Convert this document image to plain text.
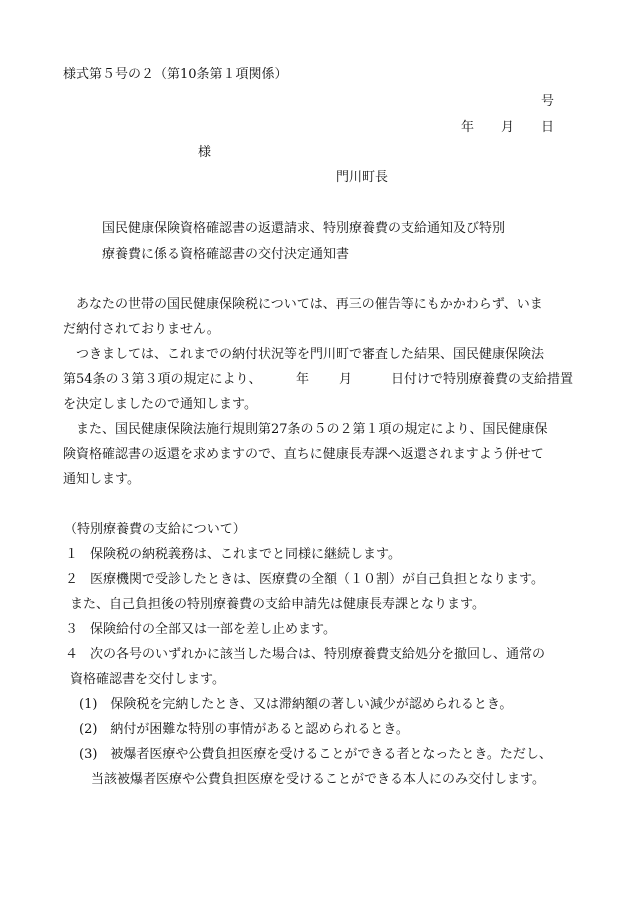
様式第５号の２（第10条第１項関係）
号
年 月 日
様
門川町長
国民健康保険資格確認書の返還請求、特別療養費の支給通知及び特別
療養費に係る資格確認書の交付決定通知書
あなたの世帯の国民健康保険税については、再三の催告等にもかかわらず、いま
だ納付されておりません。
つきましては、これまでの納付状況等を門川町で審査した結果、国民健康保険法
第54条の３第３項の規定により、	年 月	日付けで特別療養費の支給措置
を決定しましたので通知します。
また、国民健康保険法施行規則第27条の５の２第１項の規定により、国民健康保
険資格確認書の返還を求めますので、直ちに健康長寿課へ返還されますよう併せて
通知します。
（特別療養費の支給について）
１ 保険税の納税義務は、これまでと同様に継続します。
２ 医療機関で受診したときは、医療費の全額（１０割）が自己負担となります。
また、自己負担後の特別療養費の支給申請先は健康長寿課となります。
３ 保険給付の全部又は一部を差し止めます。
４ 次の各号のいずれかに該当した場合は、特別療養費支給処分を撤回し、通常の
資格確認書を交付します。
(1)　保険税を完納したとき、又は滞納額の著しい減少が認められるとき。
(2)　納付が困難な特別の事情があると認められるとき。
(3)　被爆者医療や公費負担医療を受けることができる者となったとき。ただし、
当該被爆者医療や公費負担医療を受けることができる本人にのみ交付します。
